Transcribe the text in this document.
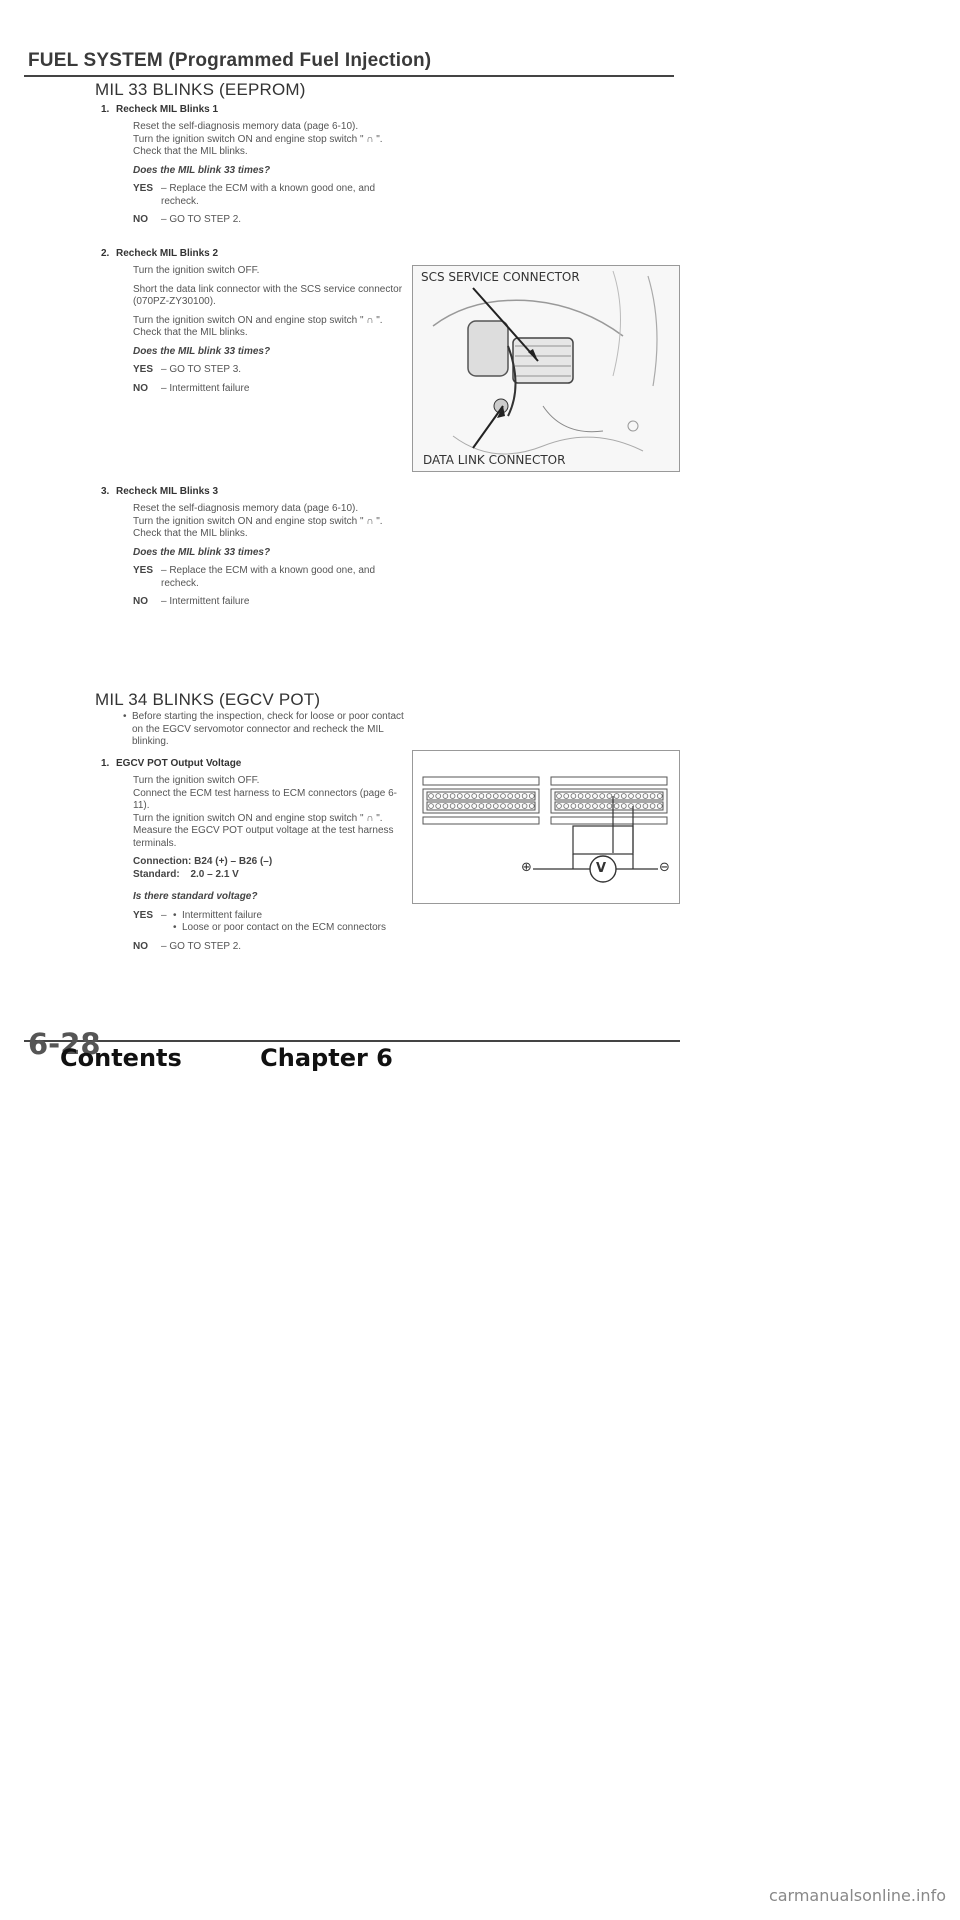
FUEL SYSTEM (Programmed Fuel Injection)
MIL 33 BLINKS (EEPROM)

1. Recheck MIL Blinks 1

Reset the self-diagnosis memory data (page 6-10).
Turn the ignition switch ON and engine stop switch " ∩ ".
Check that the MIL blinks.

Does the MIL blink 33 times?

YES – Replace the ECM with a known good one, and recheck.
NO	– GO TO STEP 2.

2. Recheck MIL Blinks 2

Turn the ignition switch OFF.

Short the data link connector with the SCS service connector (070PZ-ZY30100).

Turn the ignition switch ON and engine stop switch " ∩ ".
Check that the MIL blinks.

Does the MIL blink 33 times?

YES – GO TO STEP 3.
NO	– Intermittent failure

3. Recheck MIL Blinks 3

Reset the self-diagnosis memory data (page 6-10).
Turn the ignition switch ON and engine stop switch " ∩ ".
Check that the MIL blinks.

Does the MIL blink 33 times?

YES – Replace the ECM with a known good one, and recheck.
NO	– Intermittent failure
SCS SERVICE CONNECTOR
DATA LINK CONNECTOR
MIL 34 BLINKS (EGCV POT)

• Before starting the inspection, check for loose or poor contact on the EGCV servomotor connector and recheck the MIL blinking.

1. EGCV POT Output Voltage

Turn the ignition switch OFF.
Connect the ECM test harness to ECM connectors (page 6-11).
Turn the ignition switch ON and engine stop switch " ∩ ".
Measure the EGCV POT output voltage at the test harness terminals.

Connection: B24 (+) – B26 (–)
Standard: 2.0 – 2.1 V

Is there standard voltage?

YES –
•	Intermittent failure
• Loose or poor contact on the ECM connectors
NO	– GO TO STEP 2.
V
⊕	⊖
6-28
Contents	Chapter 6
carmanualsonline.info
